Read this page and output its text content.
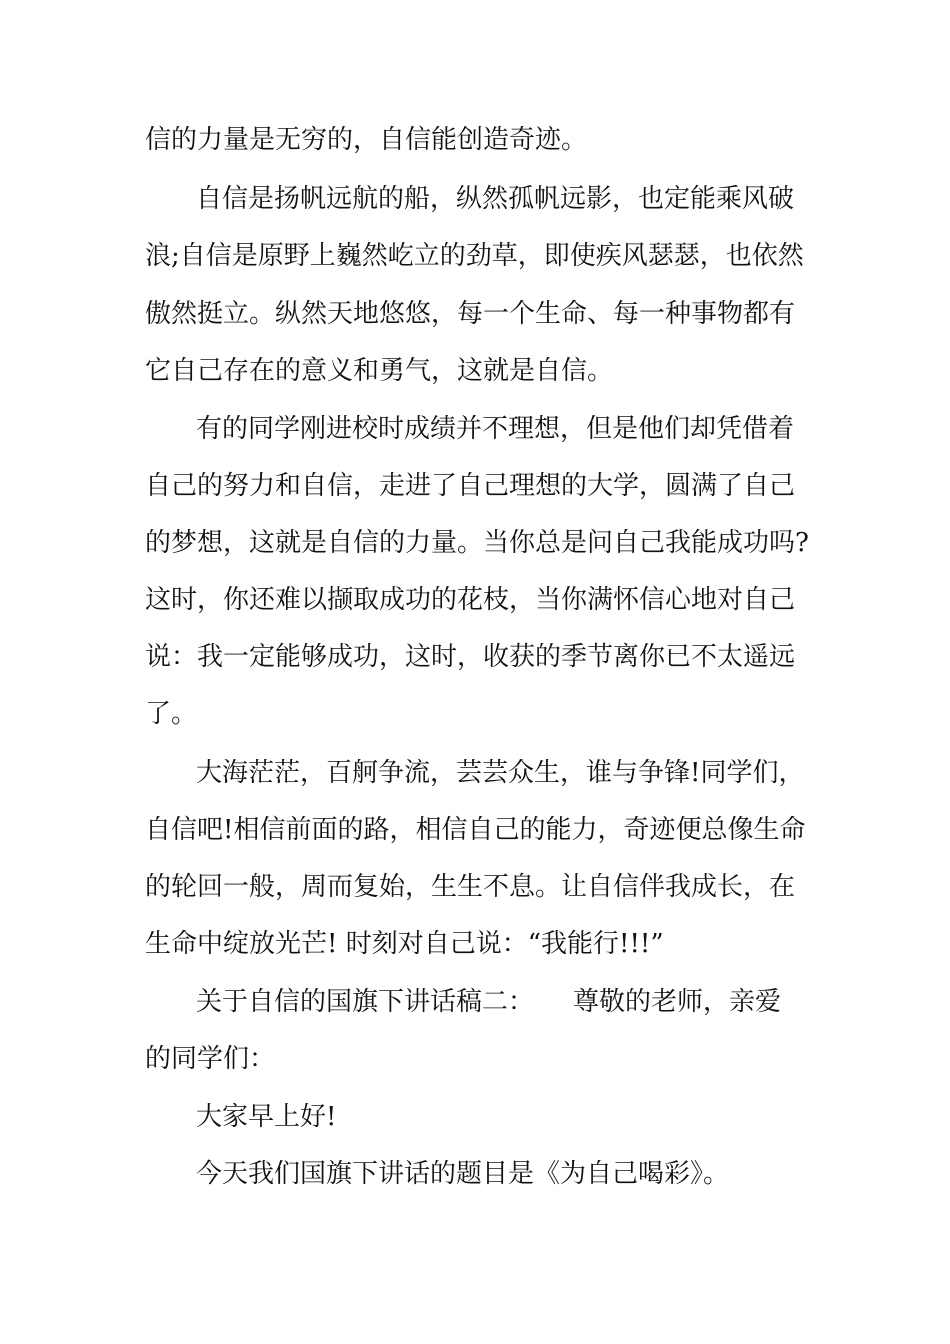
信的力量是无穷的，自信能创造奇迹。

自信是扬帆远航的船，纵然孤帆远影，也定能乘风破

浪;自信是原野上巍然屹立的劲草，即使疾风瑟瑟，也依然

傲然挺立。纵然天地悠悠，每一个生命、每一种事物都有

它自己存在的意义和勇气，这就是自信。

有的同学刚进校时成绩并不理想，但是他们却凭借着

自己的努力和自信，走进了自己理想的大学，圆满了自己

的梦想，这就是自信的力量。当你总是问自己我能成功吗?

这时，你还难以撷取成功的花枝，当你满怀信心地对自己

说：我一定能够成功，这时，收获的季节离你已不太遥远

了。

大海茫茫，百舸争流，芸芸众生，谁与争锋!同学们，

自信吧!相信前面的路，相信自己的能力，奇迹便总像生命

的轮回一般，周而复始，生生不息。让自信伴我成长，在

生命中绽放光芒! 时刻对自己说：“我能行!!!”

关于自信的国旗下讲话稿二：　　尊敬的老师，亲爱

的同学们：

大家早上好!

今天我们国旗下讲话的题目是《为自己喝彩》。
